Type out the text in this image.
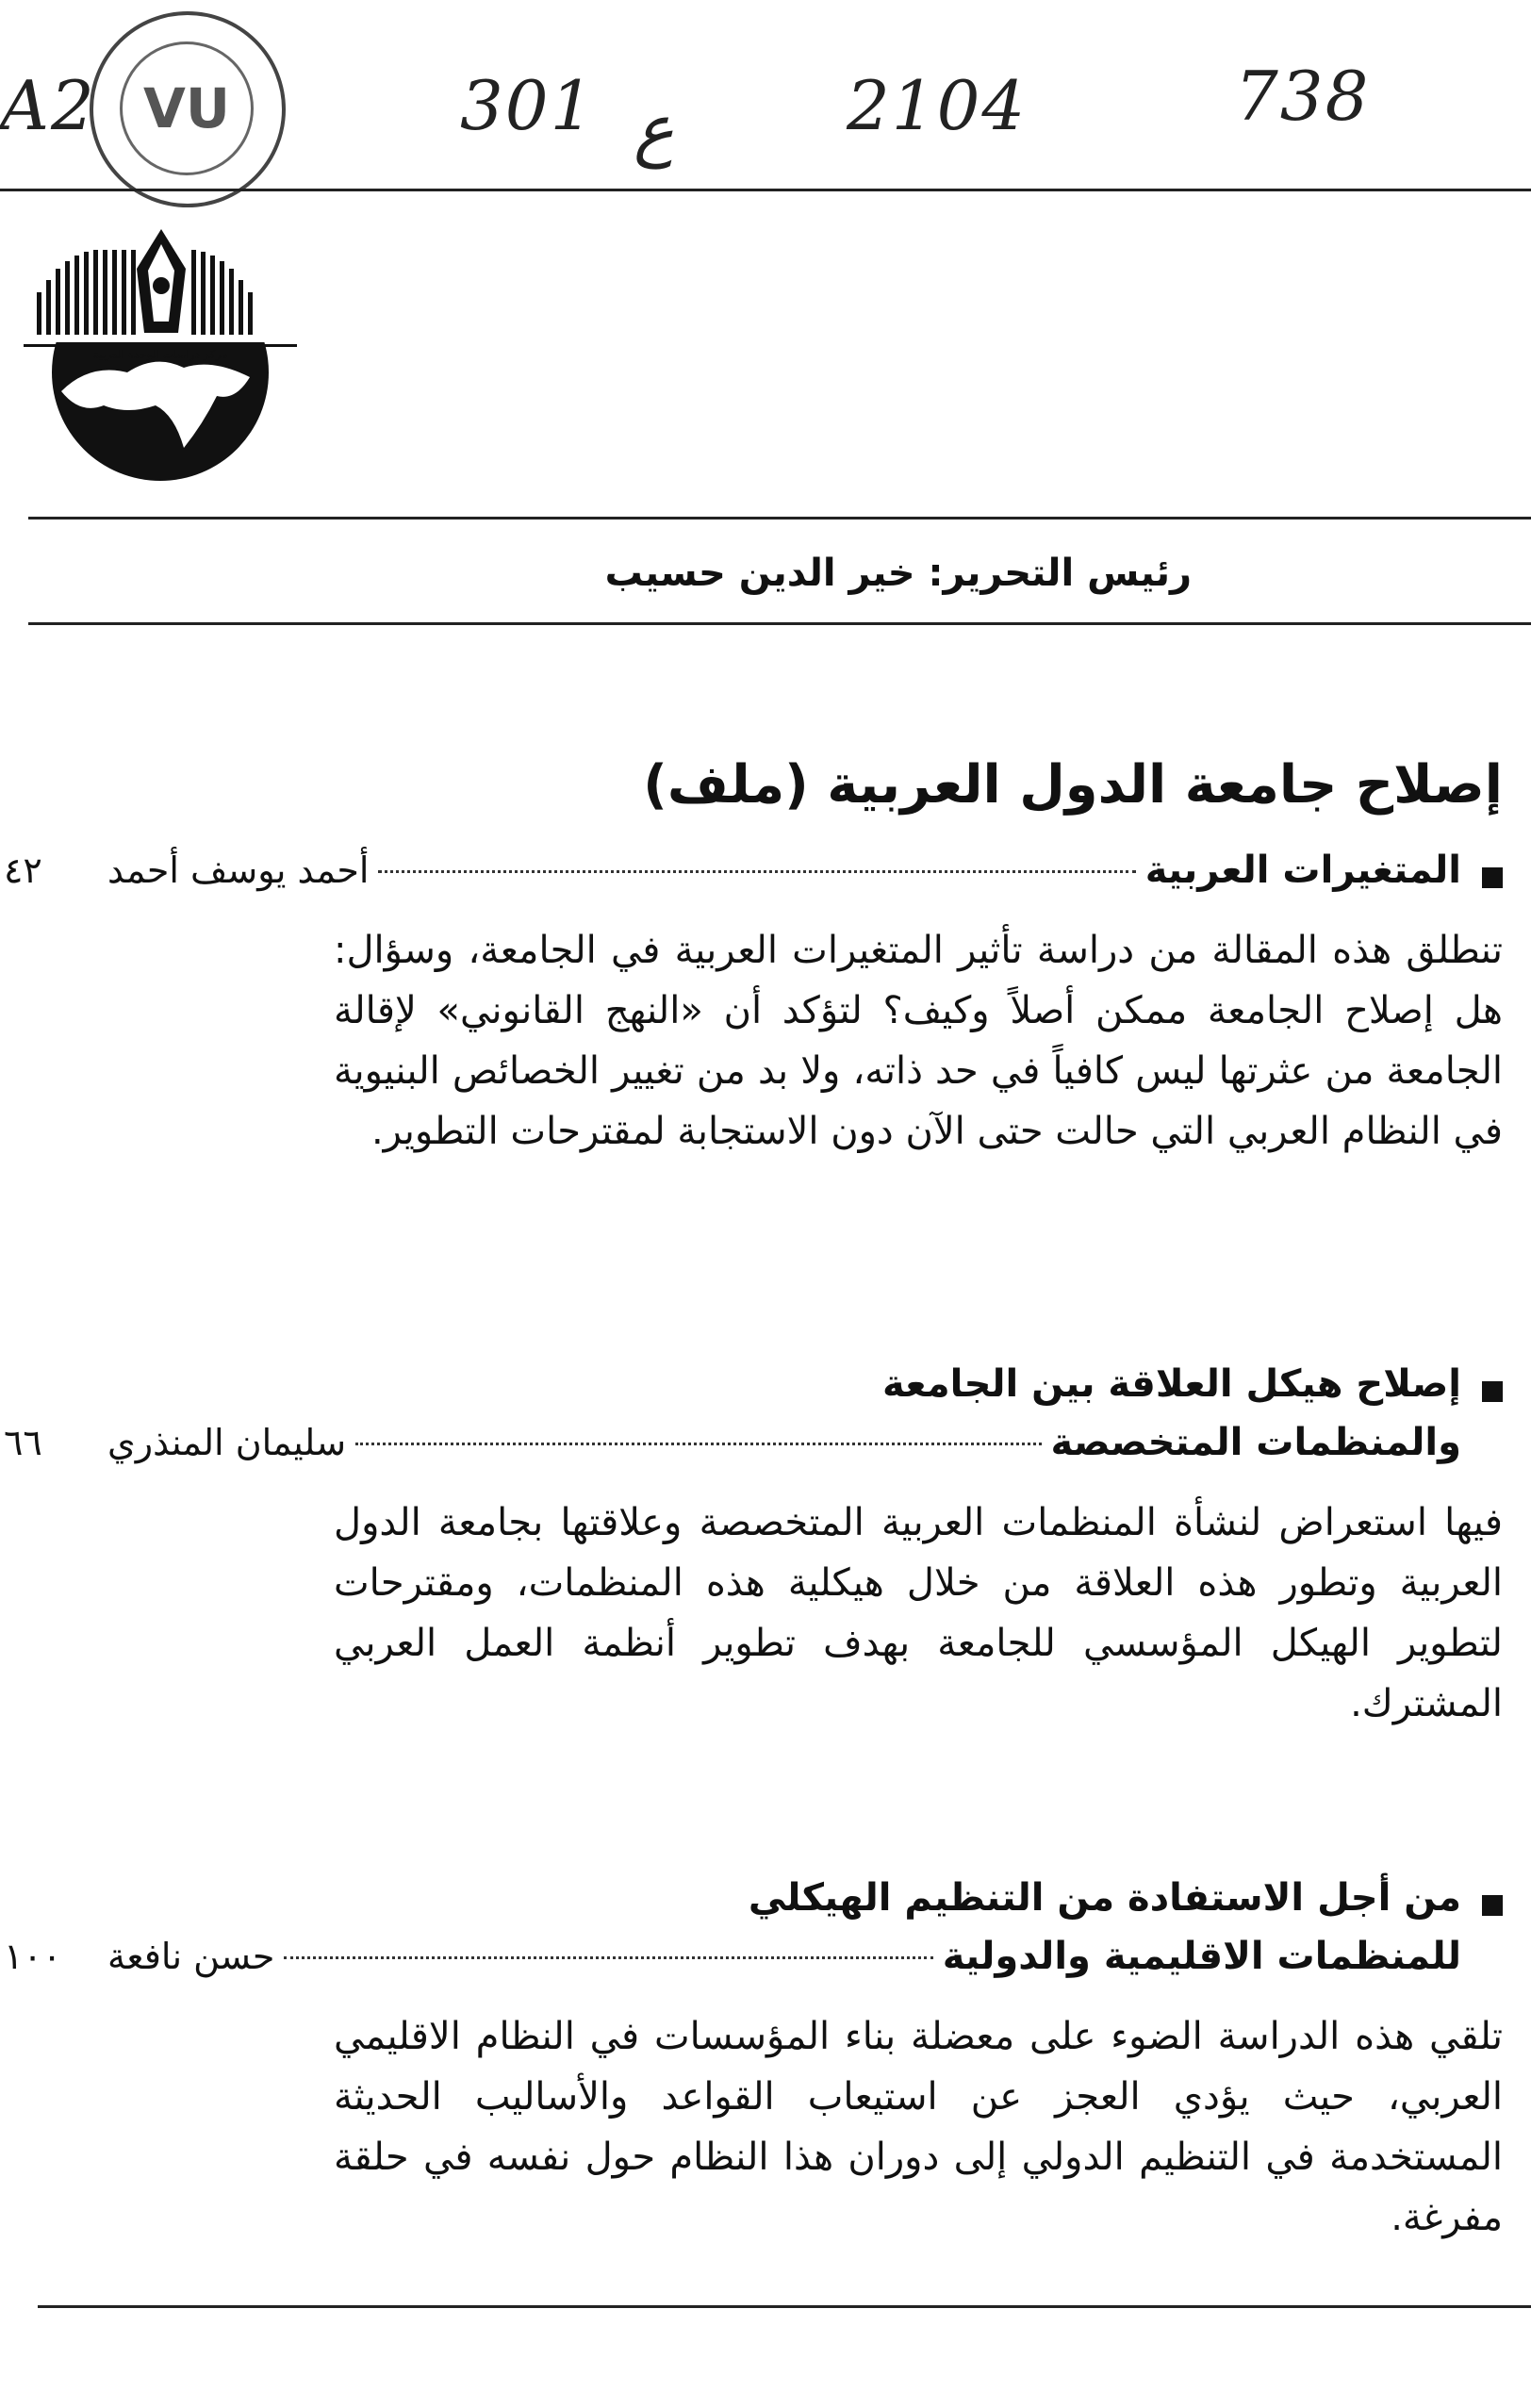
VU
A2	301 ع	2104	738
مركز دراسات الوحدة العربية
رئيس التحرير: خير الدين حسيب
إصلاح جامعة الدول العربية (ملف)
المتغيرات العربية
أحمد يوسف أحمد
٤٢
تنطلق هذه المقالة من دراسة تأثير المتغيرات العربية في الجامعة، وسؤال: هل إصلاح الجامعة ممكن أصلاً وكيف؟ لتؤكد أن «النهج القانوني» لإقالة الجامعة من عثرتها ليس كافياً في حد ذاته، ولا بد من تغيير الخصائص البنيوية في النظام العربي التي حالت حتى الآن دون الاستجابة لمقترحات التطوير.
إصلاح هيكل العلاقة بين الجامعة
والمنظمات المتخصصة
سليمان المنذري
٦٦
فيها استعراض لنشأة المنظمات العربية المتخصصة وعلاقتها بجامعة الدول العربية وتطور هذه العلاقة من خلال هيكلية هذه المنظمات، ومقترحات لتطوير الهيكل المؤسسي للجامعة بهدف تطوير أنظمة العمل العربي المشترك.
من أجل الاستفادة من التنظيم الهيكلي
للمنظمات الاقليمية والدولية
حسن نافعة
١٠٠
تلقي هذه الدراسة الضوء على معضلة بناء المؤسسات في النظام الاقليمي العربي، حيث يؤدي العجز عن استيعاب القواعد والأساليب الحديثة المستخدمة في التنظيم الدولي إلى دوران هذا النظام حول نفسه في حلقة مفرغة.
